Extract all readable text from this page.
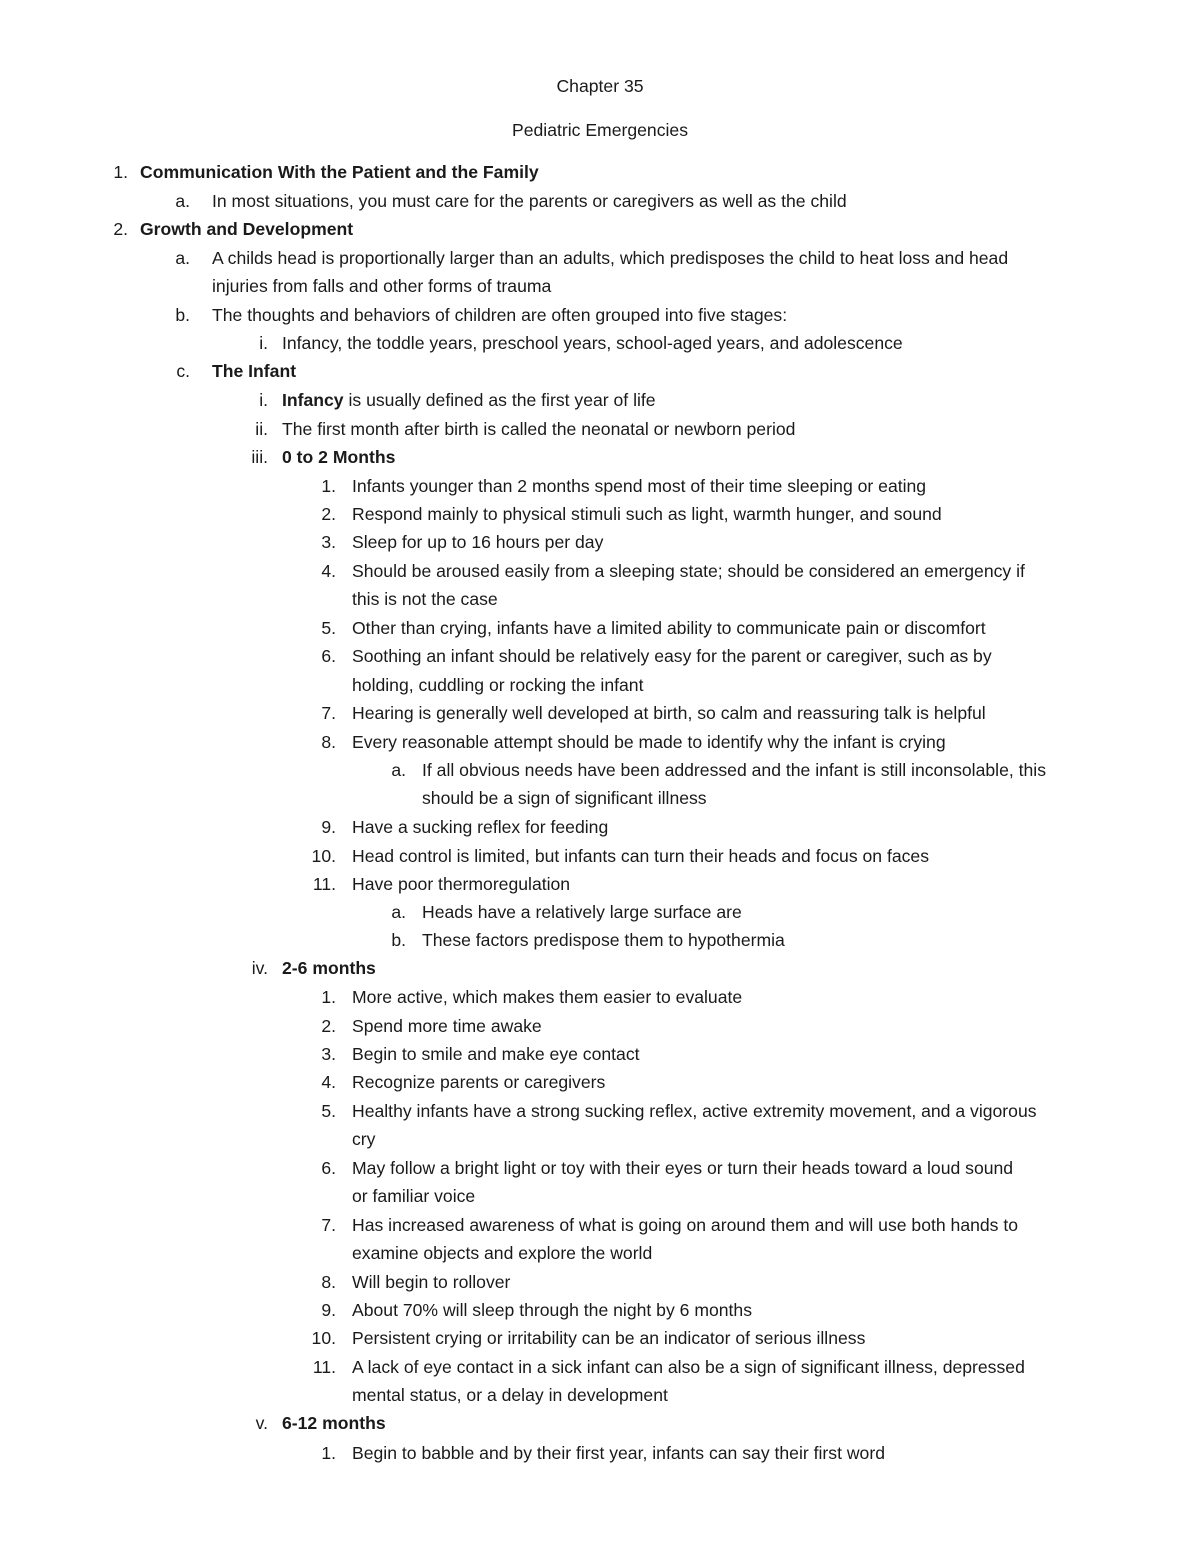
Chapter 35
Pediatric Emergencies
1. Communication With the Patient and the Family
a. In most situations, you must care for the parents or caregivers as well as the child
2. Growth and Development
a. A childs head is proportionally larger than an adults, which predisposes the child to heat loss and head
injuries from falls and other forms of trauma
b. The thoughts and behaviors of children are often grouped into five stages:
i. Infancy, the toddle years, preschool years, school-aged years, and adolescence
c. The Infant
i. Infancy is usually defined as the first year of life
ii. The first month after birth is called the neonatal or newborn period
iii. 0 to 2 Months
1. Infants younger than 2 months spend most of their time sleeping or eating
2. Respond mainly to physical stimuli such as light, warmth hunger, and sound
3. Sleep for up to 16 hours per day
4. Should be aroused easily from a sleeping state; should be considered an emergency if
this is not the case
5. Other than crying, infants have a limited ability to communicate pain or discomfort
6. Soothing an infant should be relatively easy for the parent or caregiver, such as by
holding, cuddling or rocking the infant
7. Hearing is generally well developed at birth, so calm and reassuring talk is helpful
8. Every reasonable attempt should be made to identify why the infant is crying
a. If all obvious needs have been addressed and the infant is still inconsolable, this
should be a sign of significant illness
9. Have a sucking reflex for feeding
10. Head control is limited, but infants can turn their heads and focus on faces
11. Have poor thermoregulation
a. Heads have a relatively large surface are
b. These factors predispose them to hypothermia
iv. 2-6 months
1. More active, which makes them easier to evaluate
2. Spend more time awake
3. Begin to smile and make eye contact
4. Recognize parents or caregivers
5. Healthy infants have a strong sucking reflex, active extremity movement, and a vigorous
cry
6. May follow a bright light or toy with their eyes or turn their heads toward a loud sound
or familiar voice
7. Has increased awareness of what is going on around them and will use both hands to
examine objects and explore the world
8. Will begin to rollover
9. About 70% will sleep through the night by 6 months
10. Persistent crying or irritability can be an indicator of serious illness
11. A lack of eye contact in a sick infant can also be a sign of significant illness, depressed
mental status, or a delay in development
v. 6-12 months
1. Begin to babble and by their first year, infants can say their first word
